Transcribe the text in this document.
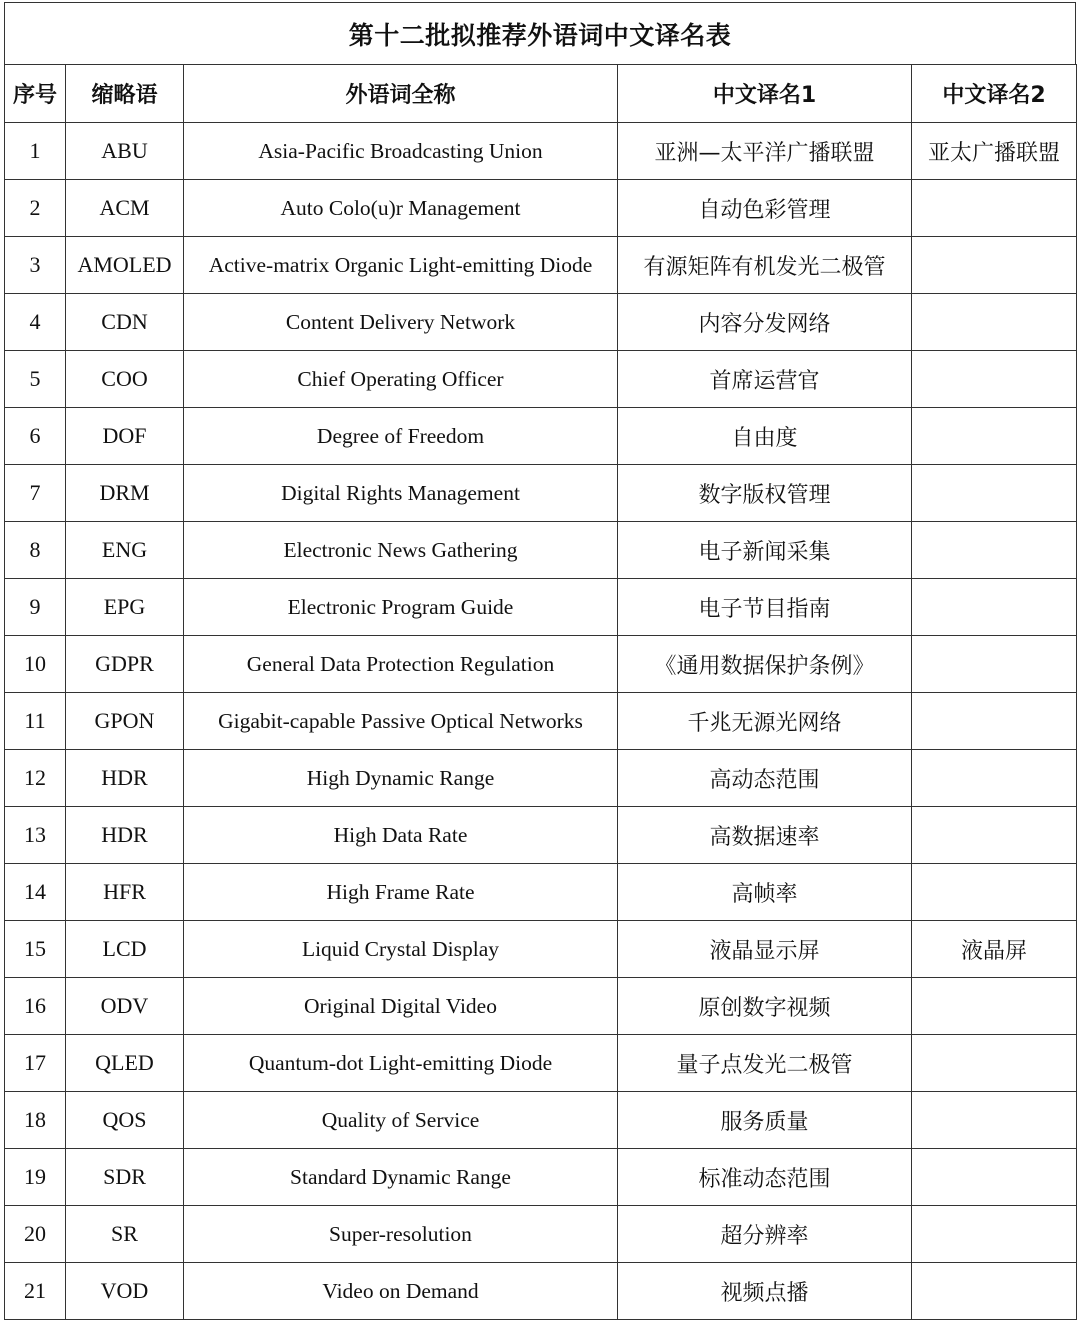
第十二批拟推荐外语词中文译名表
序号	缩略语	外语词全称	中文译名1	中文译名2
1	ABU	Asia-Pacific Broadcasting Union	亚洲—太平洋广播联盟	亚太广播联盟
2	ACM	Auto Colo(u)r Management	自动色彩管理	
3	AMOLED	Active-matrix Organic Light-emitting Diode	有源矩阵有机发光二极管	
4	CDN	Content Delivery Network	内容分发网络	
5	COO	Chief Operating Officer	首席运营官	
6	DOF	Degree of Freedom	自由度	
7	DRM	Digital Rights Management	数字版权管理	
8	ENG	Electronic News Gathering	电子新闻采集	
9	EPG	Electronic Program Guide	电子节目指南	
10	GDPR	General Data Protection Regulation	《通用数据保护条例》	
11	GPON	Gigabit-capable Passive Optical Networks	千兆无源光网络	
12	HDR	High Dynamic Range	高动态范围	
13	HDR	High Data Rate	高数据速率	
14	HFR	High Frame Rate	高帧率	
15	LCD	Liquid Crystal Display	液晶显示屏	液晶屏
16	ODV	Original Digital Video	原创数字视频	
17	QLED	Quantum-dot Light-emitting Diode	量子点发光二极管	
18	QOS	Quality of Service	服务质量	
19	SDR	Standard Dynamic Range	标准动态范围	
20	SR	Super-resolution	超分辨率	
21	VOD	Video on Demand	视频点播	
